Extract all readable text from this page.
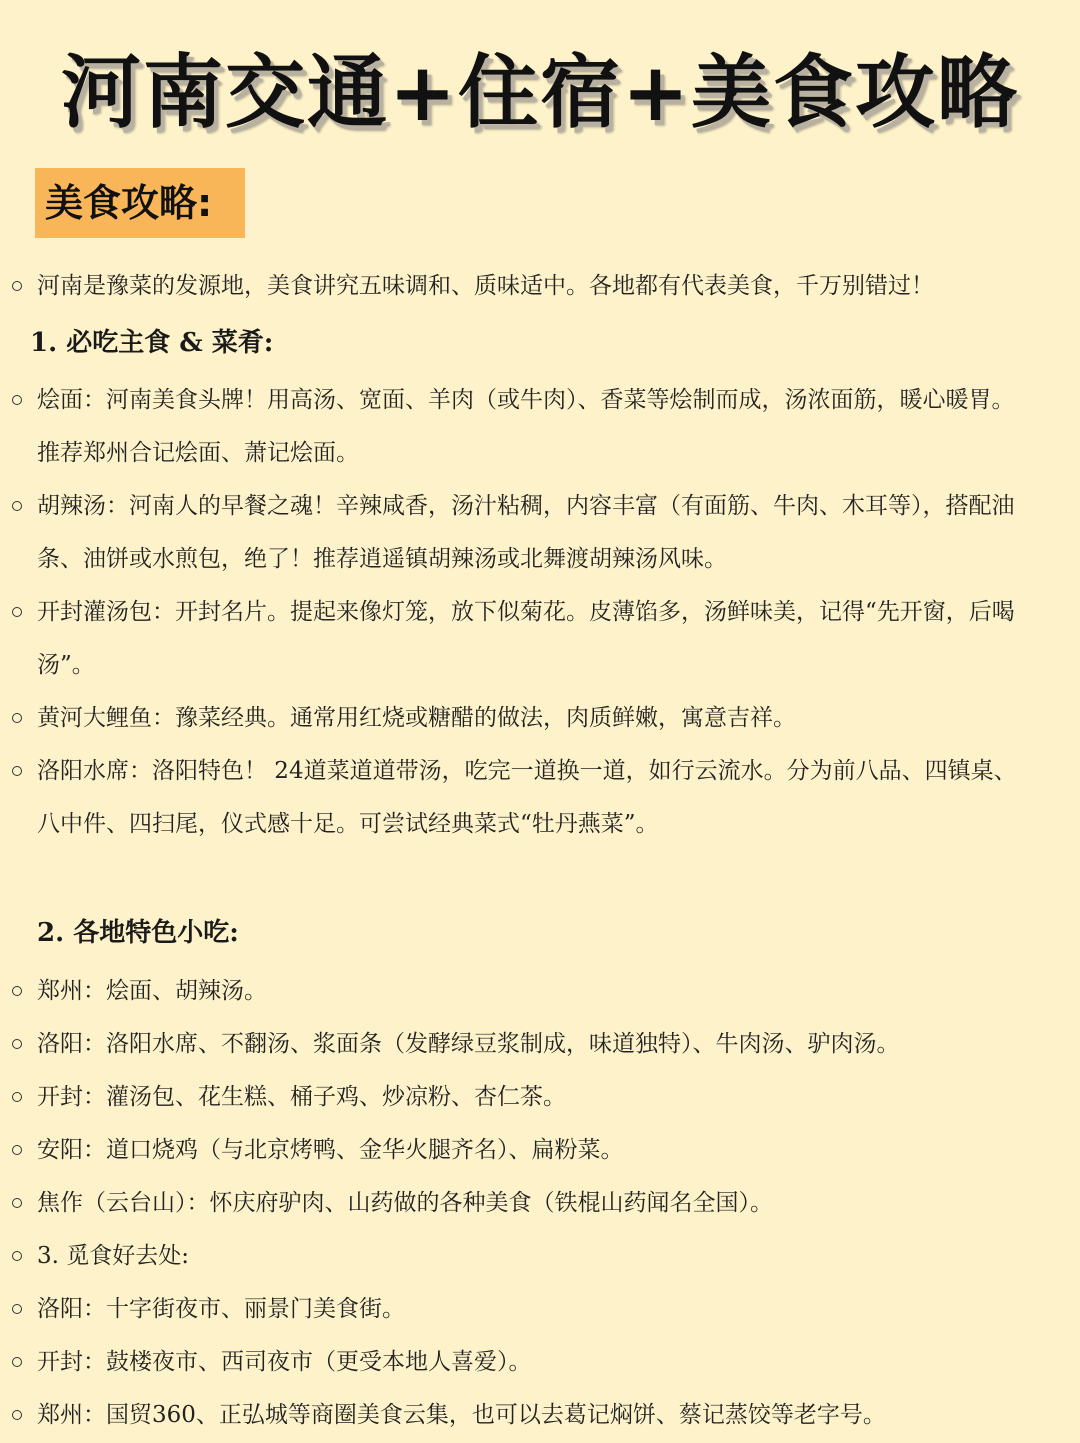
河南交通+住宿+美食攻略
美食攻略:
河南是豫菜的发源地，美食讲究五味调和、质味适中。各地都有代表美食，千万别错过！
1. 必吃主食 & 菜肴:
烩面：河南美食头牌！用高汤、宽面、羊肉（或牛肉）、香菜等烩制而成，汤浓面筋，暖心暖胃。
推荐郑州合记烩面、萧记烩面。
胡辣汤：河南人的早餐之魂！辛辣咸香，汤汁粘稠，内容丰富（有面筋、牛肉、木耳等），搭配油
条、油饼或水煎包，绝了！推荐逍遥镇胡辣汤或北舞渡胡辣汤风味。
开封灌汤包：开封名片。提起来像灯笼，放下似菊花。皮薄馅多，汤鲜味美，记得“先开窗，后喝
汤”。
黄河大鲤鱼：豫菜经典。通常用红烧或糖醋的做法，肉质鲜嫩，寓意吉祥。
洛阳水席：洛阳特色！ 24道菜道道带汤，吃完一道换一道，如行云流水。分为前八品、四镇桌、
八中件、四扫尾，仪式感十足。可尝试经典菜式“牡丹燕菜”。
2. 各地特色小吃:
郑州：烩面、胡辣汤。
洛阳：洛阳水席、不翻汤、浆面条（发酵绿豆浆制成，味道独特）、牛肉汤、驴肉汤。
开封：灌汤包、花生糕、桶子鸡、炒凉粉、杏仁茶。
安阳：道口烧鸡（与北京烤鸭、金华火腿齐名）、扁粉菜。
焦作（云台山）：怀庆府驴肉、山药做的各种美食（铁棍山药闻名全国）。
3. 觅食好去处:
洛阳：十字街夜市、丽景门美食街。
开封：鼓楼夜市、西司夜市（更受本地人喜爱）。
郑州：国贸360、正弘城等商圈美食云集，也可以去葛记焖饼、蔡记蒸饺等老字号。
